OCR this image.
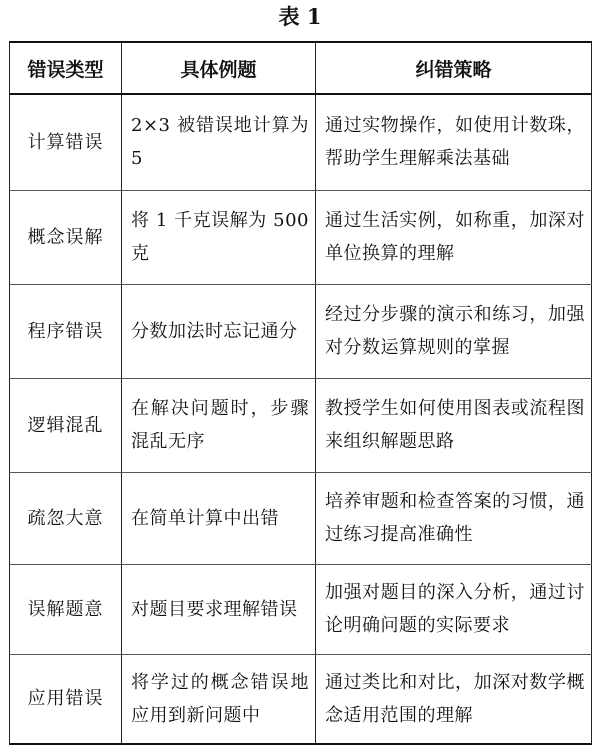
表 1
错误类型	具体例题	纠错策略
计算错误	2×3 被错误地计算为 5	通过实物操作，如使用计数珠，帮助学生理解乘法基础
概念误解	将 1 千克误解为 500 克	通过生活实例，如称重，加深对单位换算的理解
程序错误	分数加法时忘记通分	经过分步骤的演示和练习，加强对分数运算规则的掌握
逻辑混乱	在解决问题时，步骤混乱无序	教授学生如何使用图表或流程图来组织解题思路
疏忽大意	在简单计算中出错	培养审题和检查答案的习惯，通过练习提高准确性
误解题意	对题目要求理解错误	加强对题目的深入分析，通过讨论明确问题的实际要求
应用错误	将学过的概念错误地应用到新问题中	通过类比和对比，加深对数学概念适用范围的理解
